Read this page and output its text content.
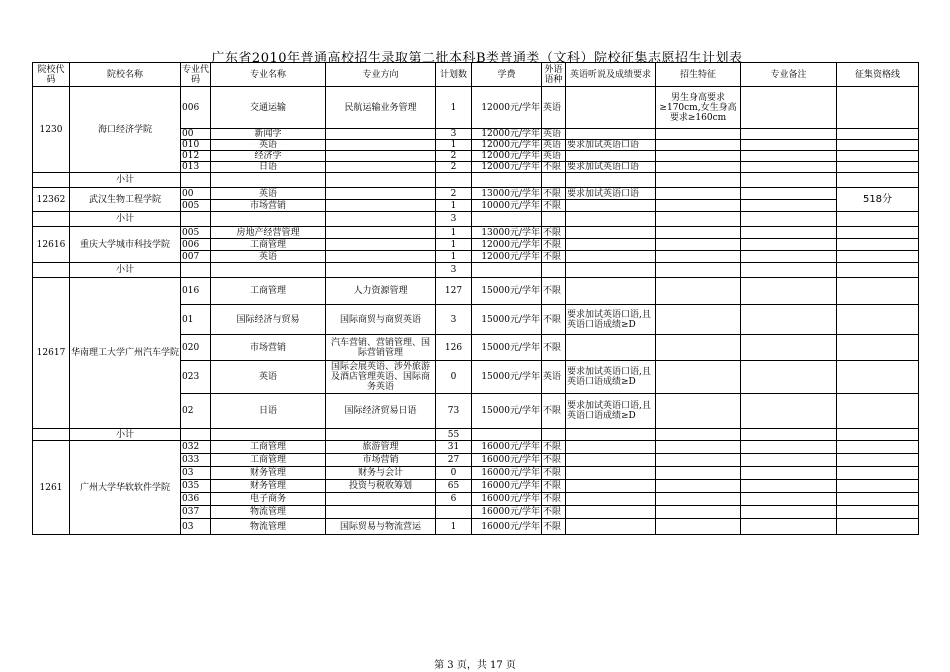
广东省2010年普通高校招生录取第二批本科B类普通类（文科）院校征集志愿招生计划表
院校代码	院校名称	专业代码	专业名称	专业方向	计划数	学费	外语语种	英语听说及成绩要求	招生特征	专业备注	征集资格线
1230	海口经济学院	006	交通运输	民航运输业务管理	1	12000元/学年	英语		男生身高要求≥170cm,女生身高要求≥160cm		
		00	新闻学		3	12000元/学年	英语				
		010	英语		1	12000元/学年	英语	要求加试英语口语			
		012	经济学		2	12000元/学年	英语				
		013	日语		2	12000元/学年	不限	要求加试英语口语			
	小计										
12362	武汉生物工程学院	00	英语		2	13000元/学年	不限	要求加试英语口语			518分
		005	市场营销		1	10000元/学年	不限				
	小计				3						
12616	重庆大学城市科技学院	005	房地产经营管理		1	13000元/学年	不限				
		006	工商管理		1	12000元/学年	不限				
		007	英语		1	12000元/学年	不限				
	小计				3						
12617	华南理工大学广州汽车学院	016	工商管理	人力资源管理	127	15000元/学年	不限				
		01	国际经济与贸易	国际商贸与商贸英语	3	15000元/学年	不限	要求加试英语口语,且英语口语成绩≥D			
		020	市场营销	汽车营销、营销管理、国际营销管理	126	15000元/学年	不限				
		023	英语	国际会展英语、涉外旅游及酒店管理英语、国际商务英语	0	15000元/学年	英语	要求加试英语口语,且英语口语成绩≥D			
		02	日语	国际经济贸易日语	73	15000元/学年	不限	要求加试英语口语,且英语口语成绩≥D			
	小计				55						
1261	广州大学华软软件学院	032	工商管理	旅游管理	31	16000元/学年	不限				
		033	工商管理	市场营销	27	16000元/学年	不限				
		03	财务管理	财务与会计	0	16000元/学年	不限				
		035	财务管理	投资与税收筹划	65	16000元/学年	不限				
		036	电子商务		6	16000元/学年	不限				
		037	物流管理			16000元/学年	不限				
		03	物流管理	国际贸易与物流营运	1	16000元/学年	不限				
第 3 页，共 17 页
